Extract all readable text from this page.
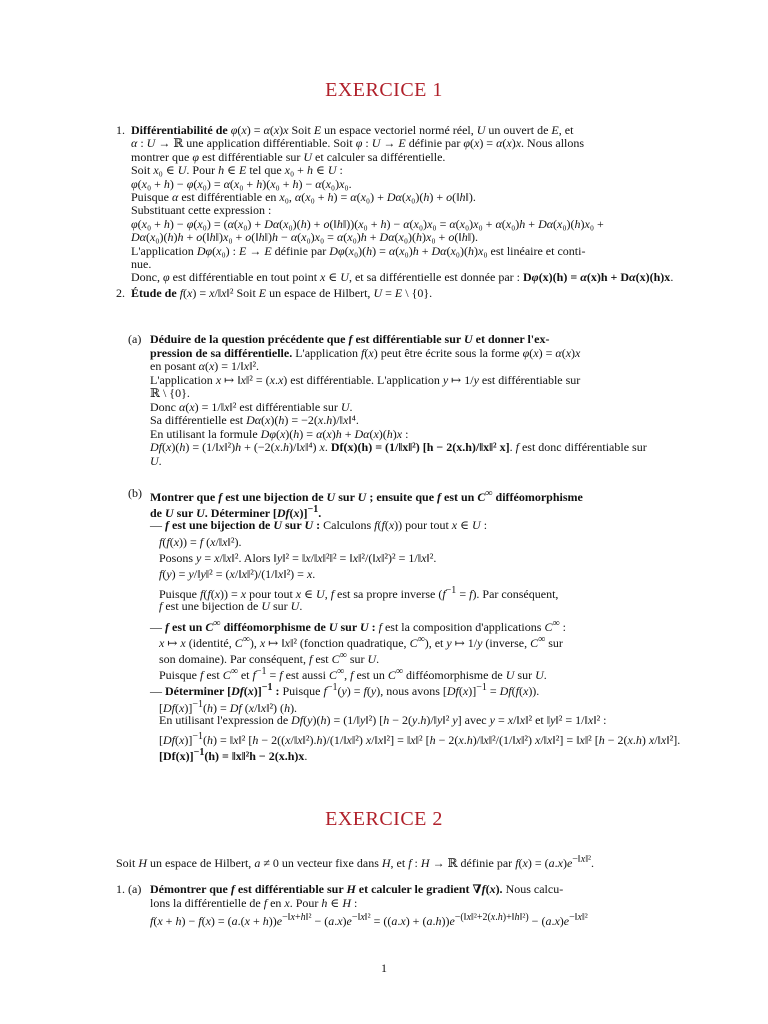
EXERCICE 1
1. Différentiabilité de φ(x) = α(x)x Soit E un espace vectoriel normé réel, U un ouvert de E, et
α : U → ℝ une application différentiable. Soit φ : U → E définie par φ(x) = α(x)x. Nous allons
montrer que φ est différentiable sur U et calculer sa différentielle.
Soit x₀ ∈ U. Pour h ∈ E tel que x₀ + h ∈ U :
φ(x₀ + h) − φ(x₀) = α(x₀ + h)(x₀ + h) − α(x₀)x₀.
Puisque α est différentiable en x₀, α(x₀ + h) = α(x₀) + Dα(x₀)(h) + o(‖h‖).
Substituant cette expression :
φ(x₀ + h) − φ(x₀) = (α(x₀) + Dα(x₀)(h) + o(‖h‖))(x₀ + h) − α(x₀)x₀ = α(x₀)x₀ + α(x₀)h + Dα(x₀)(h)x₀ +
Dα(x₀)(h)h + o(‖h‖)x₀ + o(‖h‖)h − α(x₀)x₀ = α(x₀)h + Dα(x₀)(h)x₀ + o(‖h‖).
L'application Dφ(x₀) : E → E définie par Dφ(x₀)(h) = α(x₀)h + Dα(x₀)(h)x₀ est linéaire et conti-
nue.
Donc, φ est différentiable en tout point x ∈ U, et sa différentielle est donnée par : Dφ(x)(h) = α(x)h + Dα(x)(h)x.
2. Étude de f(x) = x/‖x‖² Soit E un espace de Hilbert, U = E \ {0}.
(a) Déduire de la question précédente que f est différentiable sur U et donner l'ex-
pression de sa différentielle. L'application f(x) peut être écrite sous la forme φ(x) = α(x)x
en posant α(x) = 1/‖x‖².
L'application x ↦ ‖x‖² = (x.x) est différentiable. L'application y ↦ 1/y est différentiable sur
ℝ \ {0}.
Donc α(x) = 1/‖x‖² est différentiable sur U.
Sa différentielle est Dα(x)(h) = −2(x.h)/‖x‖⁴.
En utilisant la formule Dφ(x)(h) = α(x)h + Dα(x)(h)x :
Df(x)(h) = (1/‖x‖²)h + (−2(x.h)/‖x‖⁴) x. Df(x)(h) = (1/‖x‖²) [h − 2(x.h)/‖x‖² x]. f est donc différentiable sur
U.
(b) Montrer que f est une bijection de U sur U ; ensuite que f est un C∞ difféomorphisme
de U sur U. Déterminer $[Df(x)]^{-1}$.
— f est une bijection de U sur U : Calculons f(f(x)) pour tout x ∈ U :
f(f(x)) = f (x/‖x‖²).
Posons y = x/‖x‖². Alors ‖y‖² = ‖x/‖x‖²‖² = ‖x‖²/(‖x‖²)² = 1/‖x‖².
f(y) = y/‖y‖² = (x/‖x‖²)/(1/‖x‖²) = x.
Puisque f(f(x)) = x pour tout x ∈ U, f est sa propre inverse $(f^{-1} = f)$. Par conséquent,
f est une bijection de U sur U.
— f est un C∞ difféomorphisme de U sur U : f est la composition d'applications C∞ :
x ↦ x (identité, C∞), x ↦ ‖x‖² (fonction quadratique, C∞), et y ↦ 1/y (inverse, C∞ sur
son domaine). Par conséquent, f est C∞ sur U.
Puisque f est C∞ et $f^{-1} = f$ est aussi C∞, f est un C∞ difféomorphisme de U sur U.
— Déterminer $[Df(x)]^{-1}$ : Puisque $f^{-1}(y) = f(y)$, nous avons $[Df(x)]^{-1} = Df(f(x))$.
$[Df(x)]^{-1}(h) = Df$ (x/‖x‖²) (h).
En utilisant l'expression de Df(y)(h) = (1/‖y‖²) [h − 2(y.h)/‖y‖² y] avec y = x/‖x‖² et ‖y‖² = 1/‖x‖² :
$[Df(x)]^{-1}(h)$ = ‖x‖² [h − 2((x/‖x‖²).h)/(1/‖x‖²) x/‖x‖²] = ‖x‖² [h − 2(x.h)/‖x‖²/(1/‖x‖²) x/‖x‖²] = ‖x‖² [h − 2(x.h) x/‖x‖²].
$[Df(x)]^{-1}(h)$ = ‖x‖²h − 2(x.h)x.
EXERCICE 2
Soit H un espace de Hilbert, a ≠ 0 un vecteur fixe dans H, et f : H → ℝ définie par $f(x) = (a.x)e^{-‖x‖^2}$.
1. (a) Démontrer que f est différentiable sur H et calculer le gradient ∇f(x). Nous calcu-
lons la différentielle de f en x. Pour h ∈ H :
$f(x + h) - f(x) = (a.(x + h))e^{-‖x+h‖^2} - (a.x)e^{-‖x‖^2} = ((a.x) + (a.h))e^{-(‖x‖^2+2(x.h)+‖h‖^2)} - (a.x)e^{-‖x‖^2}$
1
